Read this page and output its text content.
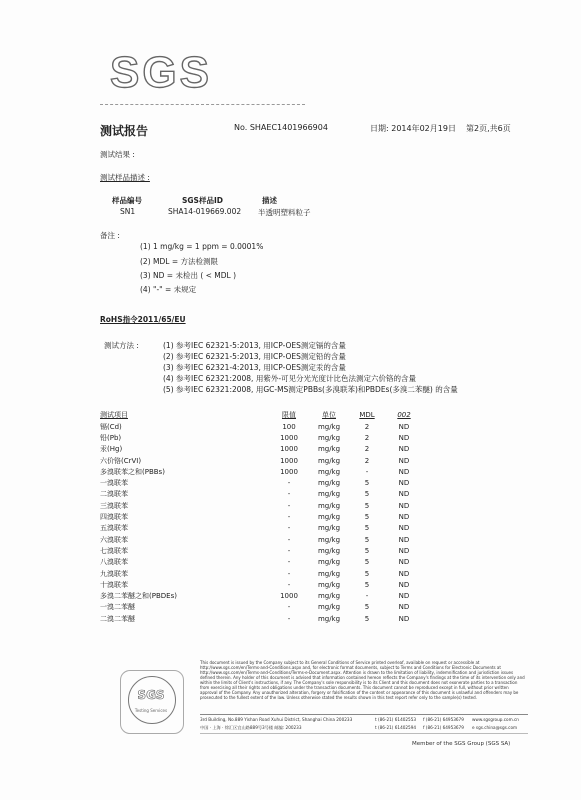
SGS
测试报告	No. SHAEC1401966904	日期: 2014年02月19日 第2页,共6页
测试结果 :
测试样品描述 :
样品编号	SGS样品ID	描述
SN1	SHA14-019669.002 半透明塑料粒子
备注 :
(1) 1 mg/kg = 1 ppm = 0.0001%
(2) MDL = 方法检测限
(3) ND = 未检出 ( < MDL )
(4) "-" = 未规定
RoHS指令2011/65/EU
测试方法 :	(1) 参考IEC 62321-5:2013, 用ICP-OES测定镉的含量
(2) 参考IEC 62321-5:2013, 用ICP-OES测定铅的含量
(3) 参考IEC 62321-4:2013, 用ICP-OES测定汞的含量
(4) 参考IEC 62321:2008, 用紫外-可见分光光度计比色法测定六价铬的含量
(5) 参考IEC 62321:2008, 用GC-MS测定PBBs(多溴联苯)和PBDEs(多溴二苯醚) 的含量
测试项目	限值	单位	MDL	002
镉(Cd)	100	mg/kg	2	ND
铅(Pb)	1000	mg/kg	2	ND
汞(Hg)	1000	mg/kg	2	ND
六价铬(CrVI)	1000	mg/kg	2	ND
多溴联苯之和(PBBs)	1000	mg/kg	-	ND
一溴联苯	-	mg/kg	5	ND
二溴联苯	-	mg/kg	5	ND
三溴联苯	-	mg/kg	5	ND
四溴联苯	-	mg/kg	5	ND
五溴联苯	-	mg/kg	5	ND
六溴联苯	-	mg/kg	5	ND
七溴联苯	-	mg/kg	5	ND
八溴联苯	-	mg/kg	5	ND
九溴联苯	-	mg/kg	5	ND
十溴联苯	-	mg/kg	5	ND
多溴二苯醚之和(PBDEs)	1000	mg/kg	-	ND
一溴二苯醚	-	mg/kg	5	ND
二溴二苯醚	-	mg/kg	5	ND
SGS
Testing Services
This document is issued by the Company subject to its General Conditions of Service printed overleaf, available on request or accessible at http://www.sgs.com/en/Terms-and-Conditions.aspx and, for electronic format documents, subject to Terms and Conditions for Electronic Documents at http://www.sgs.com/en/Terms-and-Conditions/Terms-e-Document.aspx. Attention is drawn to the limitation of liability, indemnification and jurisdiction issues defined therein. Any holder of this document is advised that information contained hereon reflects the Company's findings at the time of its intervention only and within the limits of Client's instructions, if any. The Company's sole responsibility is to its Client and this document does not exonerate parties to a transaction from exercising all their rights and obligations under the transaction documents. This document cannot be reproduced except in full, without prior written approval of the Company. Any unauthorized alteration, forgery or falsification of the content or appearance of this document is unlawful and offenders may be prosecuted to the fullest extent of the law. Unless otherwise stated the results shown in this test report refer only to the sample(s) tested.
3rd Building, No.889 Yishan Road Xuhui District, Shanghai China 200233
中国 · 上海 · 徐汇区宜山路889号3号楼 邮编: 200233
t (86-21) 61402553 f (86-21) 64953679
t (86-21) 61402594 f (86-21) 64953679
www.sgsgroup.com.cn
e sgs.china@sgs.com
Member of the SGS Group (SGS SA)
